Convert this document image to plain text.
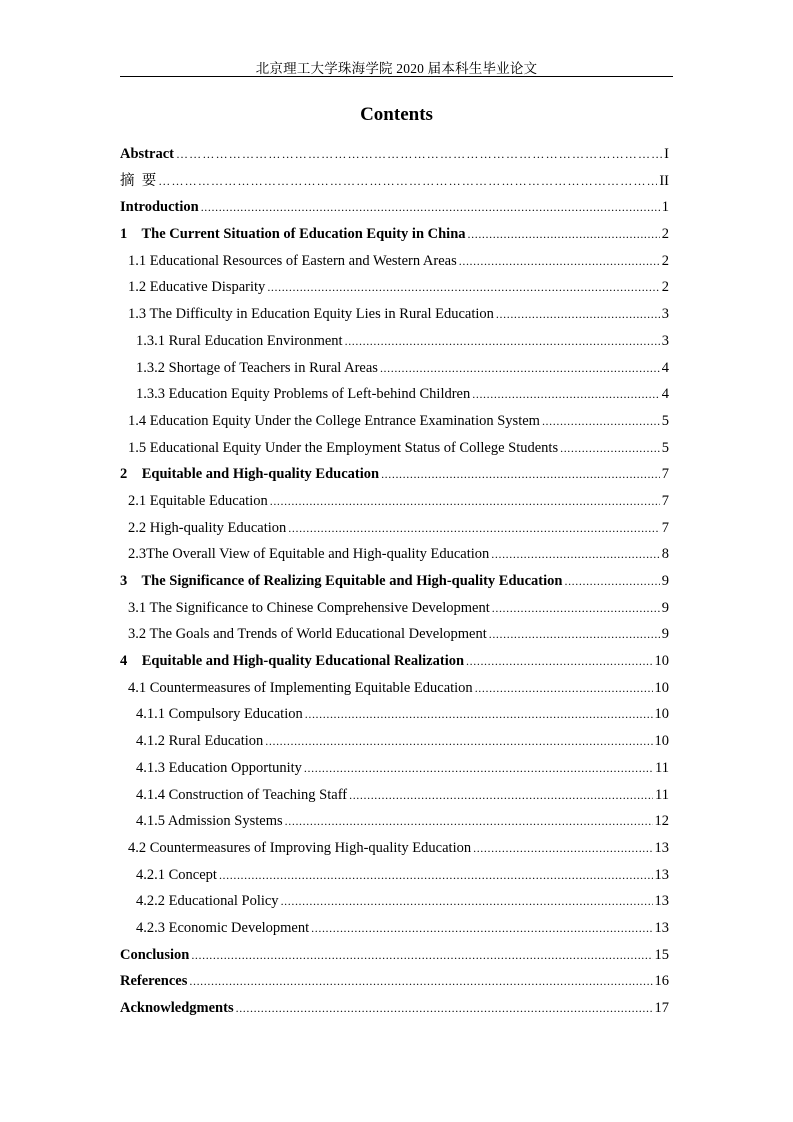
北京理工大学珠海学院 2020 届本科生毕业论文
Contents
Abstract …………………………………………………………………………………………………………………………………………	I
摘  要 …………………………………………………………………………………………………………………………………………	II
Introduction .....	1
1    The Current Situation of Education Equity in China .....	2
1.1 Educational Resources of Eastern and Western Areas .....	2
1.2 Educative Disparity .....	2
1.3 The Difficulty in Education Equity Lies in Rural Education .....	3
1.3.1 Rural Education Environment .....	3
1.3.2 Shortage of Teachers in Rural Areas .....	4
1.3.3 Education Equity Problems of Left-behind Children .....	4
1.4 Education Equity Under the College Entrance Examination System .....	5
1.5 Educational Equity Under the Employment Status of College Students .....	5
2    Equitable and High-quality Education .....	7
2.1 Equitable Education .....	7
2.2 High-quality Education .....	7
2.3The Overall View of Equitable and High-quality Education .....	8
3    The Significance of Realizing Equitable and High-quality Education .....	9
3.1 The Significance to Chinese Comprehensive Development .....	9
3.2 The Goals and Trends of World Educational Development .....	9
4    Equitable and High-quality Educational Realization .....	10
4.1 Countermeasures of Implementing Equitable Education .....	10
4.1.1 Compulsory Education .....	10
4.1.2 Rural Education .....	10
4.1.3 Education Opportunity .....	11
4.1.4 Construction of Teaching Staff .....	11
4.1.5 Admission Systems .....	12
4.2 Countermeasures of Improving High-quality Education .....	13
4.2.1 Concept .....	13
4.2.2 Educational Policy .....	13
4.2.3 Economic Development .....	13
Conclusion .....	15
References .....	16
Acknowledgments .....	17
